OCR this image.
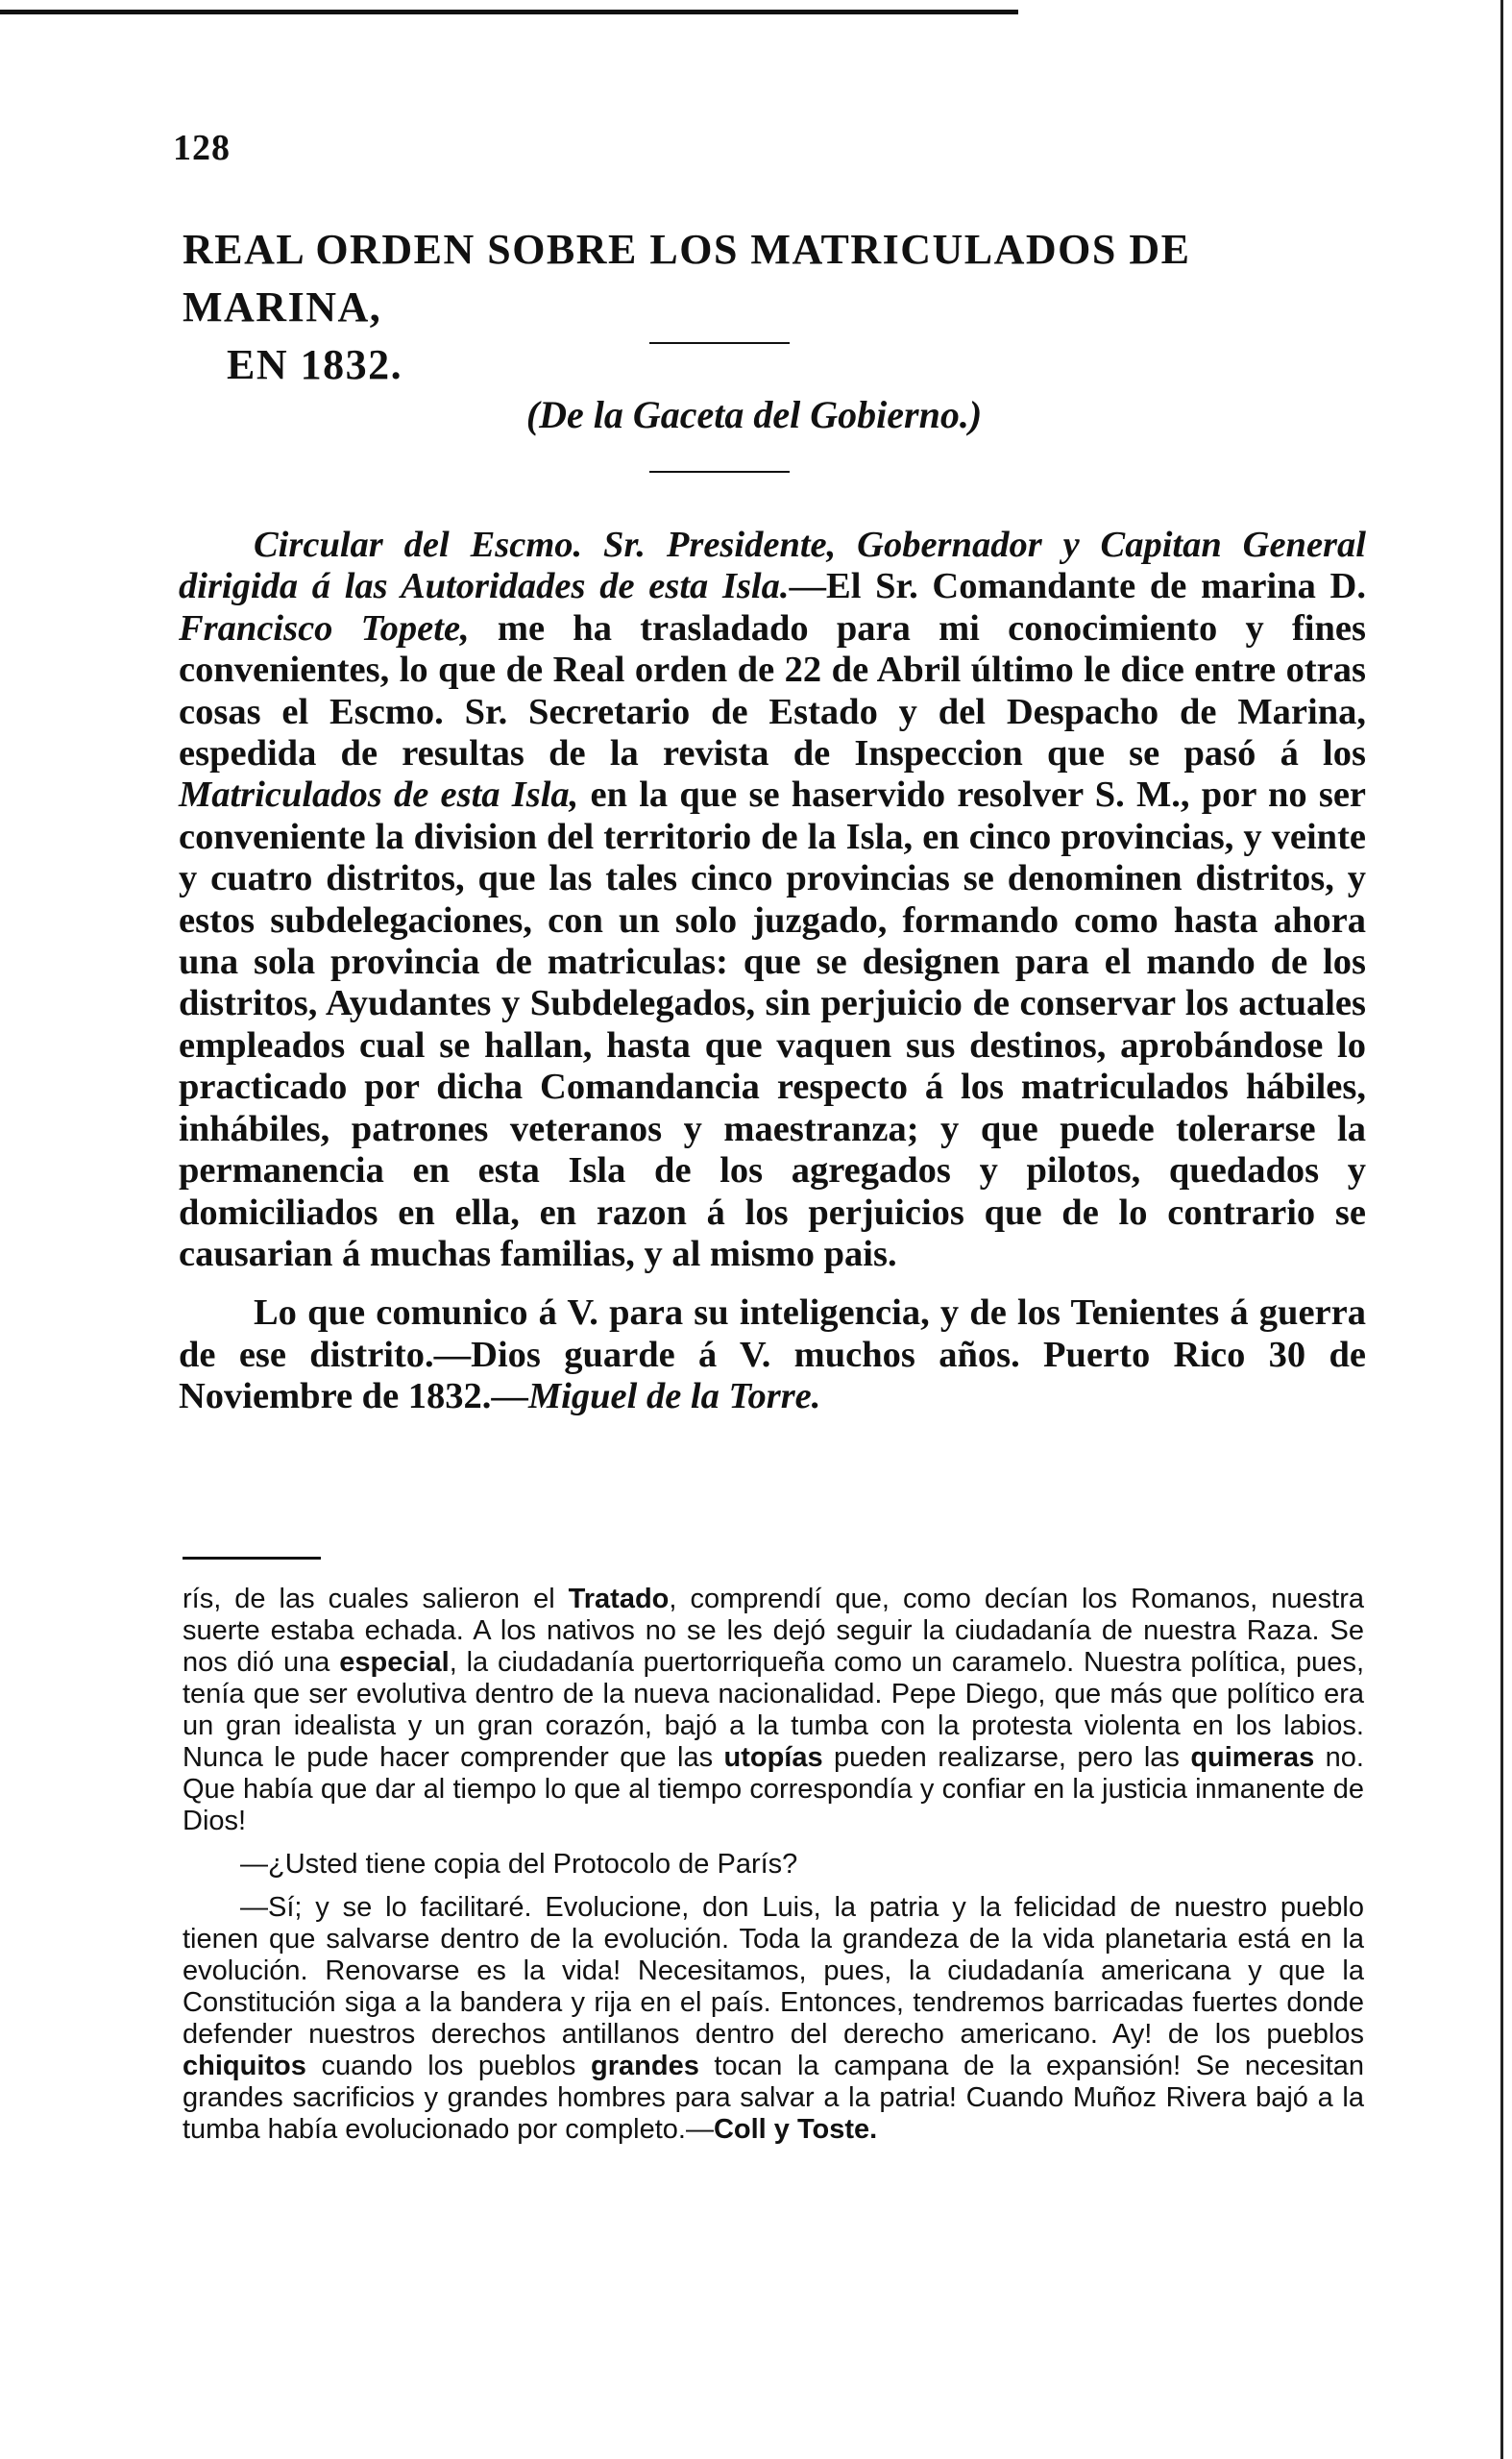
128
REAL ORDEN SOBRE LOS MATRICULADOS DE MARINA,
EN 1832.
(De la Gaceta del Gobierno.)

Circular del Escmo. Sr. Presidente, Gobernador y Capitan General dirigida á las Autoridades de esta Isla.—El Sr. Comandante de marina D. Francisco Topete, me ha trasladado para mi conocimiento y fines convenientes, lo que de Real orden de 22 de Abril último le dice entre otras cosas el Escmo. Sr. Secretario de Estado y del Despacho de Marina, espedida de resultas de la revista de Inspeccion que se pasó á los Matriculados de esta Isla, en la que se haservido resolver S. M., por no ser conveniente la division del territorio de la Isla, en cinco provincias, y veinte y cuatro distritos, que las tales cinco provincias se denominen distritos, y estos subdelegaciones, con un solo juzgado, formando como hasta ahora una sola provincia de matriculas: que se designen para el mando de los distritos, Ayudantes y Subdelegados, sin perjuicio de conservar los actuales empleados cual se hallan, hasta que vaquen sus destinos, aprobándose lo practicado por dicha Comandancia respecto á los matriculados hábiles, inhábiles, patrones veteranos y maestranza; y que puede tolerarse la permanencia en esta Isla de los agregados y pilotos, quedados y domiciliados en ella, en razon á los perjuicios que de lo contrario se causarian á muchas familias, y al mismo pais.

Lo que comunico á V. para su inteligencia, y de los Tenientes á guerra de ese distrito.—Dios guarde á V. muchos años. Puerto Rico 30 de Noviembre de 1832.—Miguel de la Torre.

rís, de las cuales salieron el Tratado, comprendí que, como decían los Romanos, nuestra suerte estaba echada. A los nativos no se les dejó seguir la ciudadanía de nuestra Raza. Se nos dió una especial, la ciudadanía puertorriqueña como un caramelo. Nuestra política, pues, tenía que ser evolutiva dentro de la nueva nacionalidad. Pepe Diego, que más que político era un gran idealista y un gran corazón, bajó a la tumba con la protesta violenta en los labios. Nunca le pude hacer comprender que las utopías pueden realizarse, pero las quimeras no. Que había que dar al tiempo lo que al tiempo correspondía y confiar en la justicia inmanente de Dios!

—¿Usted tiene copia del Protocolo de París?

—Sí; y se lo facilitaré. Evolucione, don Luis, la patria y la felicidad de nuestro pueblo tienen que salvarse dentro de la evolución. Toda la grandeza de la vida planetaria está en la evolución. Renovarse es la vida! Necesitamos, pues, la ciudadanía americana y que la Constitución siga a la bandera y rija en el país. Entonces, tendremos barricadas fuertes donde defender nuestros derechos antillanos dentro del derecho americano. Ay! de los pueblos chiquitos cuando los pueblos grandes tocan la campana de la expansión! Se necesitan grandes sacrificios y grandes hombres para salvar a la patria! Cuando Muñoz Rivera bajó a la tumba había evolucionado por completo.—Coll y Toste.
